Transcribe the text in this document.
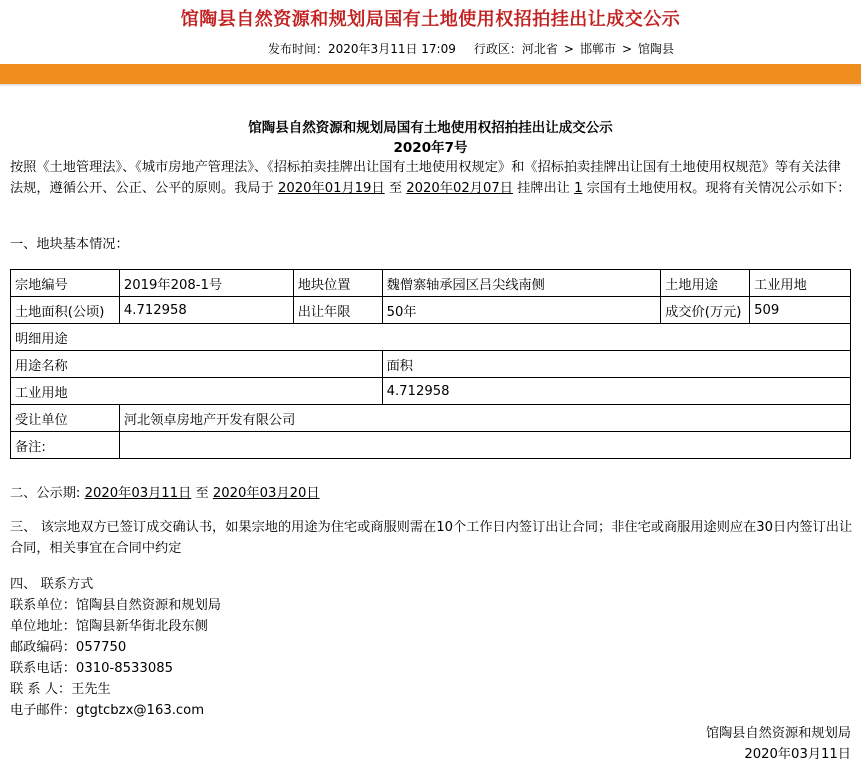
馆陶县自然资源和规划局国有土地使用权招拍挂出让成交公示
发布时间：2020年3月11日 17:09 行政区：河北省 > 邯郸市 > 馆陶县
馆陶县自然资源和规划局国有土地使用权招拍挂出让成交公示
2020年7号
按照《土地管理法》、《城市房地产管理法》、《招标拍卖挂牌出让国有土地使用权规定》和《招标拍卖挂牌出让国有土地使用权规范》等有关法律法规，遵循公开、公正、公平的原则。我局于 2020年01月19日 至 2020年02月07日 挂牌出让 1 宗国有土地使用权。现将有关情况公示如下：
一、地块基本情况：
宗地编号	2019年208-1号	地块位置	魏僧寨轴承园区吕尖线南侧	土地用途	工业用地
土地面积(公顷)	4.712958	出让年限	50年	成交价(万元)	509
明细用途					
用途名称			面积		
工业用地			4.712958		
受让单位	河北领卓房地产开发有限公司				
备注:					
二、公示期: 2020年03月11日 至 2020年03月20日
三、 该宗地双方已签订成交确认书，如果宗地的用途为住宅或商服则需在10个工作日内签订出让合同；非住宅或商服用途则应在30日内签订出让合同，相关事宜在合同中约定
四、 联系方式
联系单位：馆陶县自然资源和规划局
单位地址：馆陶县新华街北段东侧
邮政编码：057750
联系电话：0310-8533085
联 系 人：王先生
电子邮件：gtgtcbzx@163.com
馆陶县自然资源和规划局
2020年03月11日
